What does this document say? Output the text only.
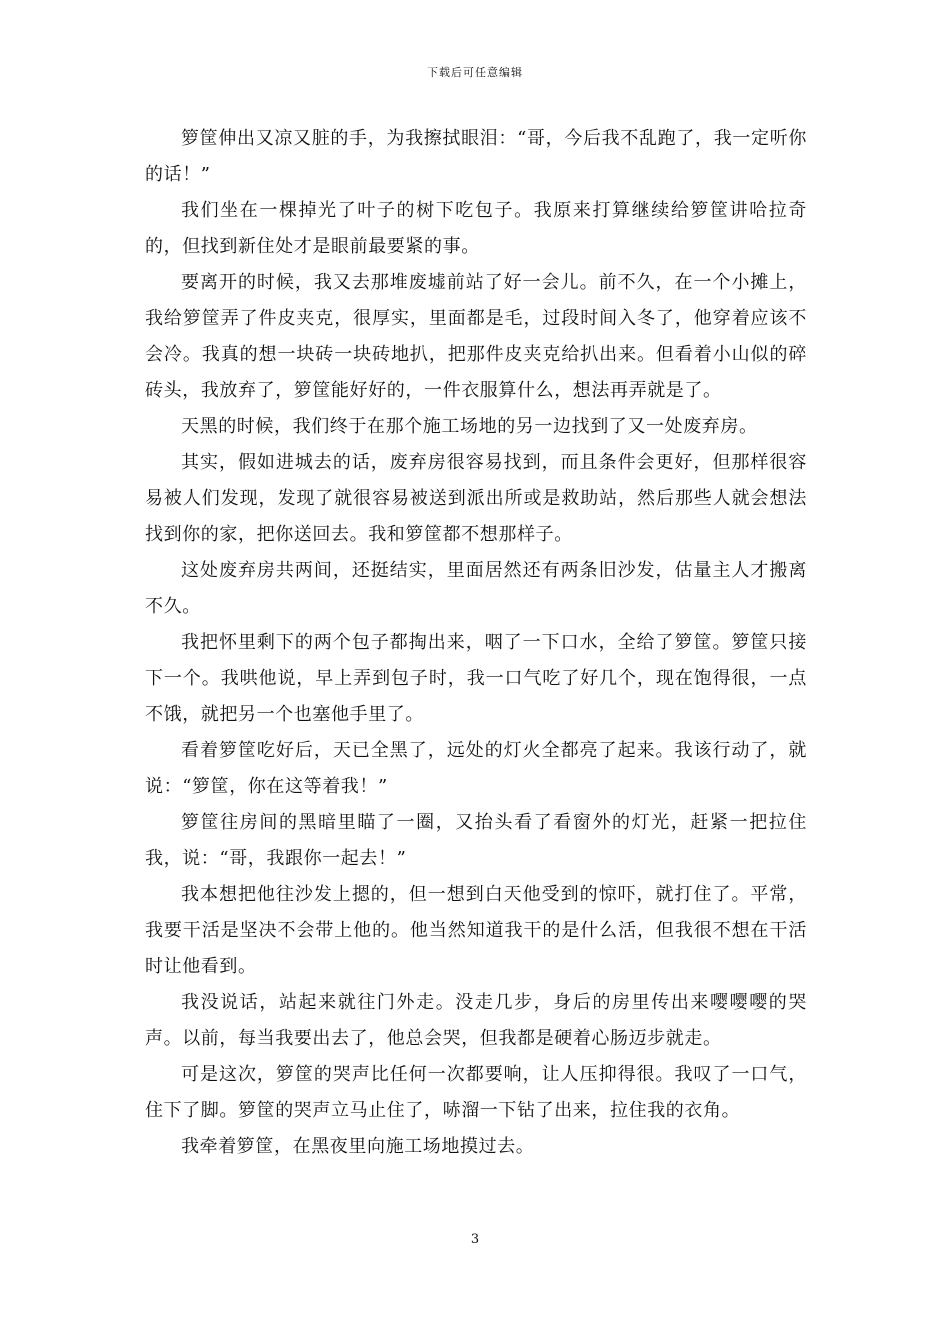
下载后可任意编辑

箩筐伸出又凉又脏的手，为我擦拭眼泪：“哥，今后我不乱跑了，我一定听你的话！”

我们坐在一棵掉光了叶子的树下吃包子。我原来打算继续给箩筐讲哈拉奇的，但找到新住处才是眼前最要紧的事。

要离开的时候，我又去那堆废墟前站了好一会儿。前不久，在一个小摊上，我给箩筐弄了件皮夹克，很厚实，里面都是毛，过段时间入冬了，他穿着应该不会冷。我真的想一块砖一块砖地扒，把那件皮夹克给扒出来。但看着小山似的碎砖头，我放弃了，箩筐能好好的，一件衣服算什么，想法再弄就是了。

天黑的时候，我们终于在那个施工场地的另一边找到了又一处废弃房。

其实，假如进城去的话，废弃房很容易找到，而且条件会更好，但那样很容易被人们发现，发现了就很容易被送到派出所或是救助站，然后那些人就会想法找到你的家，把你送回去。我和箩筐都不想那样子。

这处废弃房共两间，还挺结实，里面居然还有两条旧沙发，估量主人才搬离不久。

我把怀里剩下的两个包子都掏出来，咽了一下口水，全给了箩筐。箩筐只接下一个。我哄他说，早上弄到包子时，我一口气吃了好几个，现在饱得很，一点不饿，就把另一个也塞他手里了。

看着箩筐吃好后，天已全黑了，远处的灯火全都亮了起来。我该行动了，就说：“箩筐，你在这等着我！”

箩筐往房间的黑暗里瞄了一圈，又抬头看了看窗外的灯光，赶紧一把拉住我，说：“哥，我跟你一起去！”

我本想把他往沙发上摁的，但一想到白天他受到的惊吓，就打住了。平常，我要干活是坚决不会带上他的。他当然知道我干的是什么活，但我很不想在干活时让他看到。

我没说话，站起来就往门外走。没走几步，身后的房里传出来嘤嘤嘤的哭声。以前，每当我要出去了，他总会哭，但我都是硬着心肠迈步就走。

可是这次，箩筐的哭声比任何一次都要响，让人压抑得很。我叹了一口气，住下了脚。箩筐的哭声立马止住了，哧溜一下钻了出来，拉住我的衣角。

我牵着箩筐，在黑夜里向施工场地摸过去。

3
